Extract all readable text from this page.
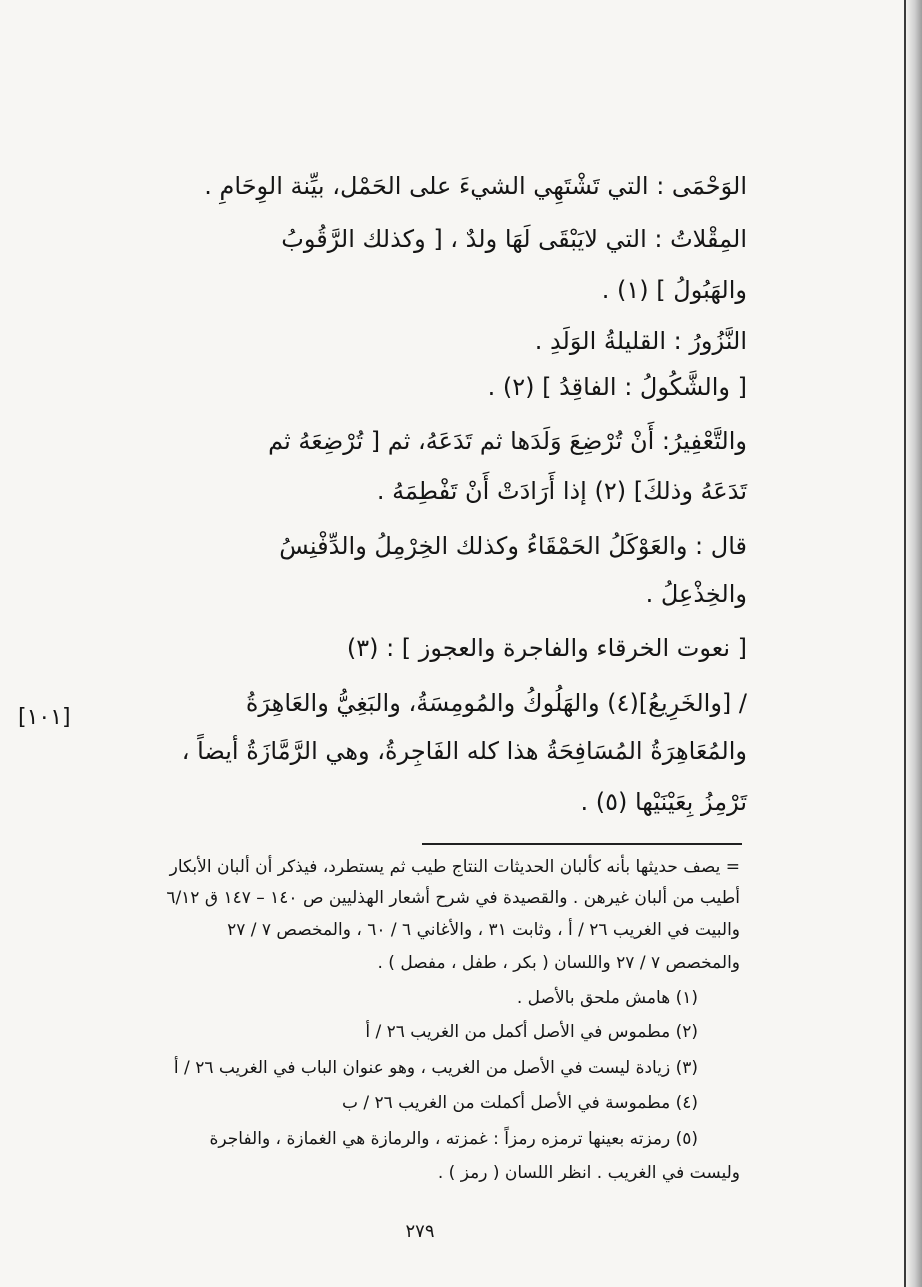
الوَحْمَى : التي تَشْتَهِي الشيءَ على الحَمْل، بيِّنة الوِحَامِ .
المِقْلاتُ : التي لايَبْقَى لَهَا ولدٌ ، [ وكذلك الرَّقُوبُ
والهَبُولُ ] (١) .
النَّزُورُ : القليلةُ الوَلَدِ .
[ والشَّكُولُ : الفاقِدُ ] (٢) .
والتَّعْفِيرُ: أَنْ تُرْضِعَ وَلَدَها ثم تَدَعَهُ، ثم [ تُرْضِعَهُ ثم
تَدَعَهُ وذلكَ] (٢) إذا أَرَادَتْ أَنْ تَفْطِمَهُ .
قال : والعَوْكَلُ الحَمْقَاءُ وكذلك الخِرْمِلُ والدِّفْنِسُ
والخِذْعِلُ .
[ نعوت الخرقاء والفاجرة والعجوز ] : (٣)
/ [والخَرِيعُ](٤) والهَلُوكُ والمُومِسَةُ، والبَغِيُّ والعَاهِرَةُ
والمُعَاهِرَةُ المُسَافِحَةُ هذا كله الفَاجِرةُ، وهي الرَّمَّازَةُ أيضاً ،
تَرْمِزُ بِعَيْنَيْها (٥) .
[١٠١]
= يصف حديثها بأنه كألبان الحديثات النتاج طيب ثم يستطرد، فيذكر أن ألبان الأبكار
أطيب من ألبان غيرهن . والقصيدة في شرح أشعار الهذليين ص ١٤٠ – ١٤٧ ق ٦/١٢
والبيت في الغريب ٢٦ / أ ، وثابت ٣١ ، والأغاني ٦ / ٦٠ ، والمخصص ٧ / ٢٧
والمخصص ٧ / ٢٧ واللسان ( بكر ، طفل ، مفصل ) .
(١) هامش ملحق بالأصل .
(٢) مطموس في الأصل أكمل من الغريب ٢٦ / أ
(٣) زيادة ليست في الأصل من الغريب ، وهو عنوان الباب في الغريب ٢٦ / أ
(٤) مطموسة في الأصل أكملت من الغريب ٢٦ / ب
(٥) رمزته بعينها ترمزه رمزاً : غمزته ، والرمازة هي الغمازة ، والفاجرة
وليست في الغريب . انظر اللسان ( رمز ) .
٢٧٩
